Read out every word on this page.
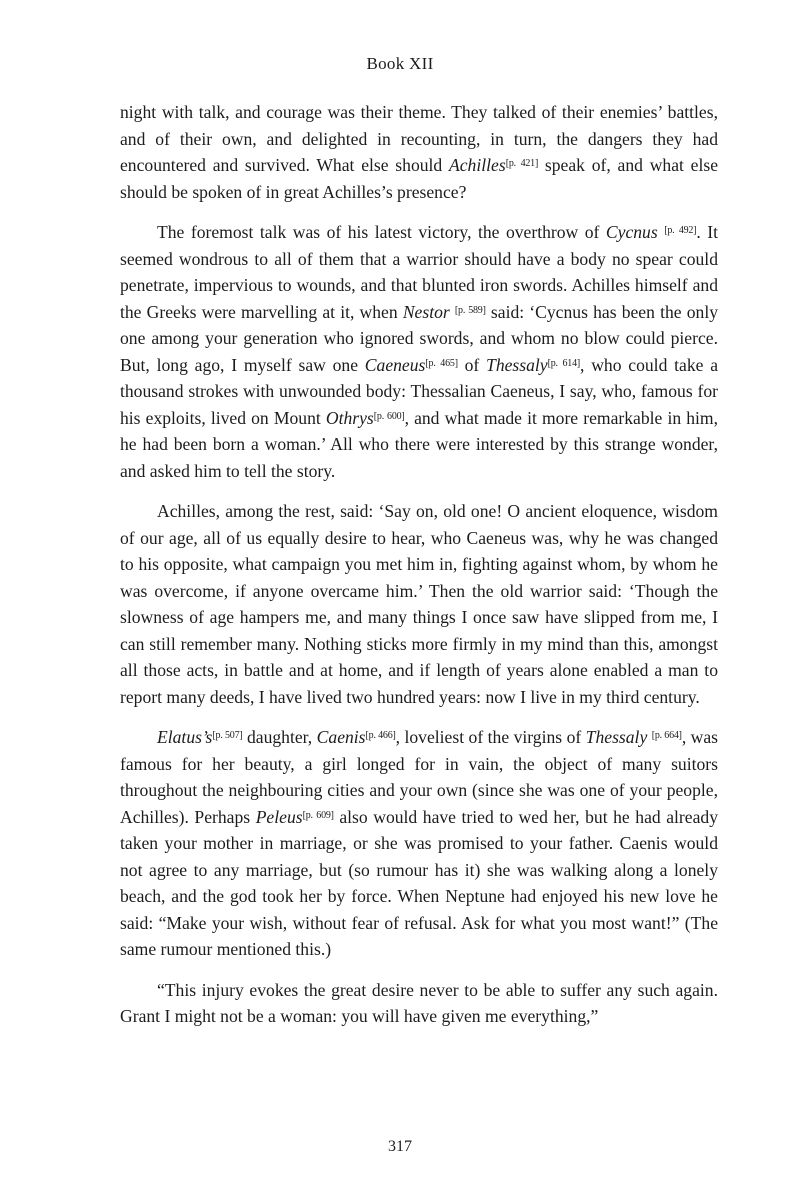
Book XII

night with talk, and courage was their theme. They talked of their enemies’ battles, and of their own, and delighted in recounting, in turn, the dangers they had encountered and survived. What else should Achilles[p. 421] speak of, and what else should be spoken of in great Achilles’s presence?

The foremost talk was of his latest victory, the overthrow of Cycnus [p. 492]. It seemed wondrous to all of them that a warrior should have a body no spear could penetrate, impervious to wounds, and that blunted iron swords. Achilles himself and the Greeks were marvelling at it, when Nestor [p. 589] said: ‘Cycnus has been the only one among your generation who ignored swords, and whom no blow could pierce. But, long ago, I myself saw one Caeneus[p. 465] of Thessaly[p. 614], who could take a thousand strokes with unwounded body: Thessalian Caeneus, I say, who, famous for his exploits, lived on Mount Othrys[p. 600], and what made it more remarkable in him, he had been born a woman.’ All who there were interested by this strange wonder, and asked him to tell the story.

Achilles, among the rest, said: ‘Say on, old one! O ancient eloquence, wisdom of our age, all of us equally desire to hear, who Caeneus was, why he was changed to his opposite, what campaign you met him in, fighting against whom, by whom he was overcome, if anyone overcame him.’ Then the old warrior said: ‘Though the slowness of age hampers me, and many things I once saw have slipped from me, I can still remember many. Nothing sticks more firmly in my mind than this, amongst all those acts, in battle and at home, and if length of years alone enabled a man to report many deeds, I have lived two hundred years: now I live in my third century.

Elatus’s[p. 507] daughter, Caenis[p. 466], loveliest of the virgins of Thessaly [p. 664], was famous for her beauty, a girl longed for in vain, the object of many suitors throughout the neighbouring cities and your own (since she was one of your people, Achilles). Perhaps Peleus[p. 609] also would have tried to wed her, but he had already taken your mother in marriage, or she was promised to your father. Caenis would not agree to any marriage, but (so rumour has it) she was walking along a lonely beach, and the god took her by force. When Neptune had enjoyed his new love he said: “Make your wish, without fear of refusal. Ask for what you most want!” (The same rumour mentioned this.)

“This injury evokes the great desire never to be able to suffer any such again. Grant I might not be a woman: you will have given me everything,”

317
